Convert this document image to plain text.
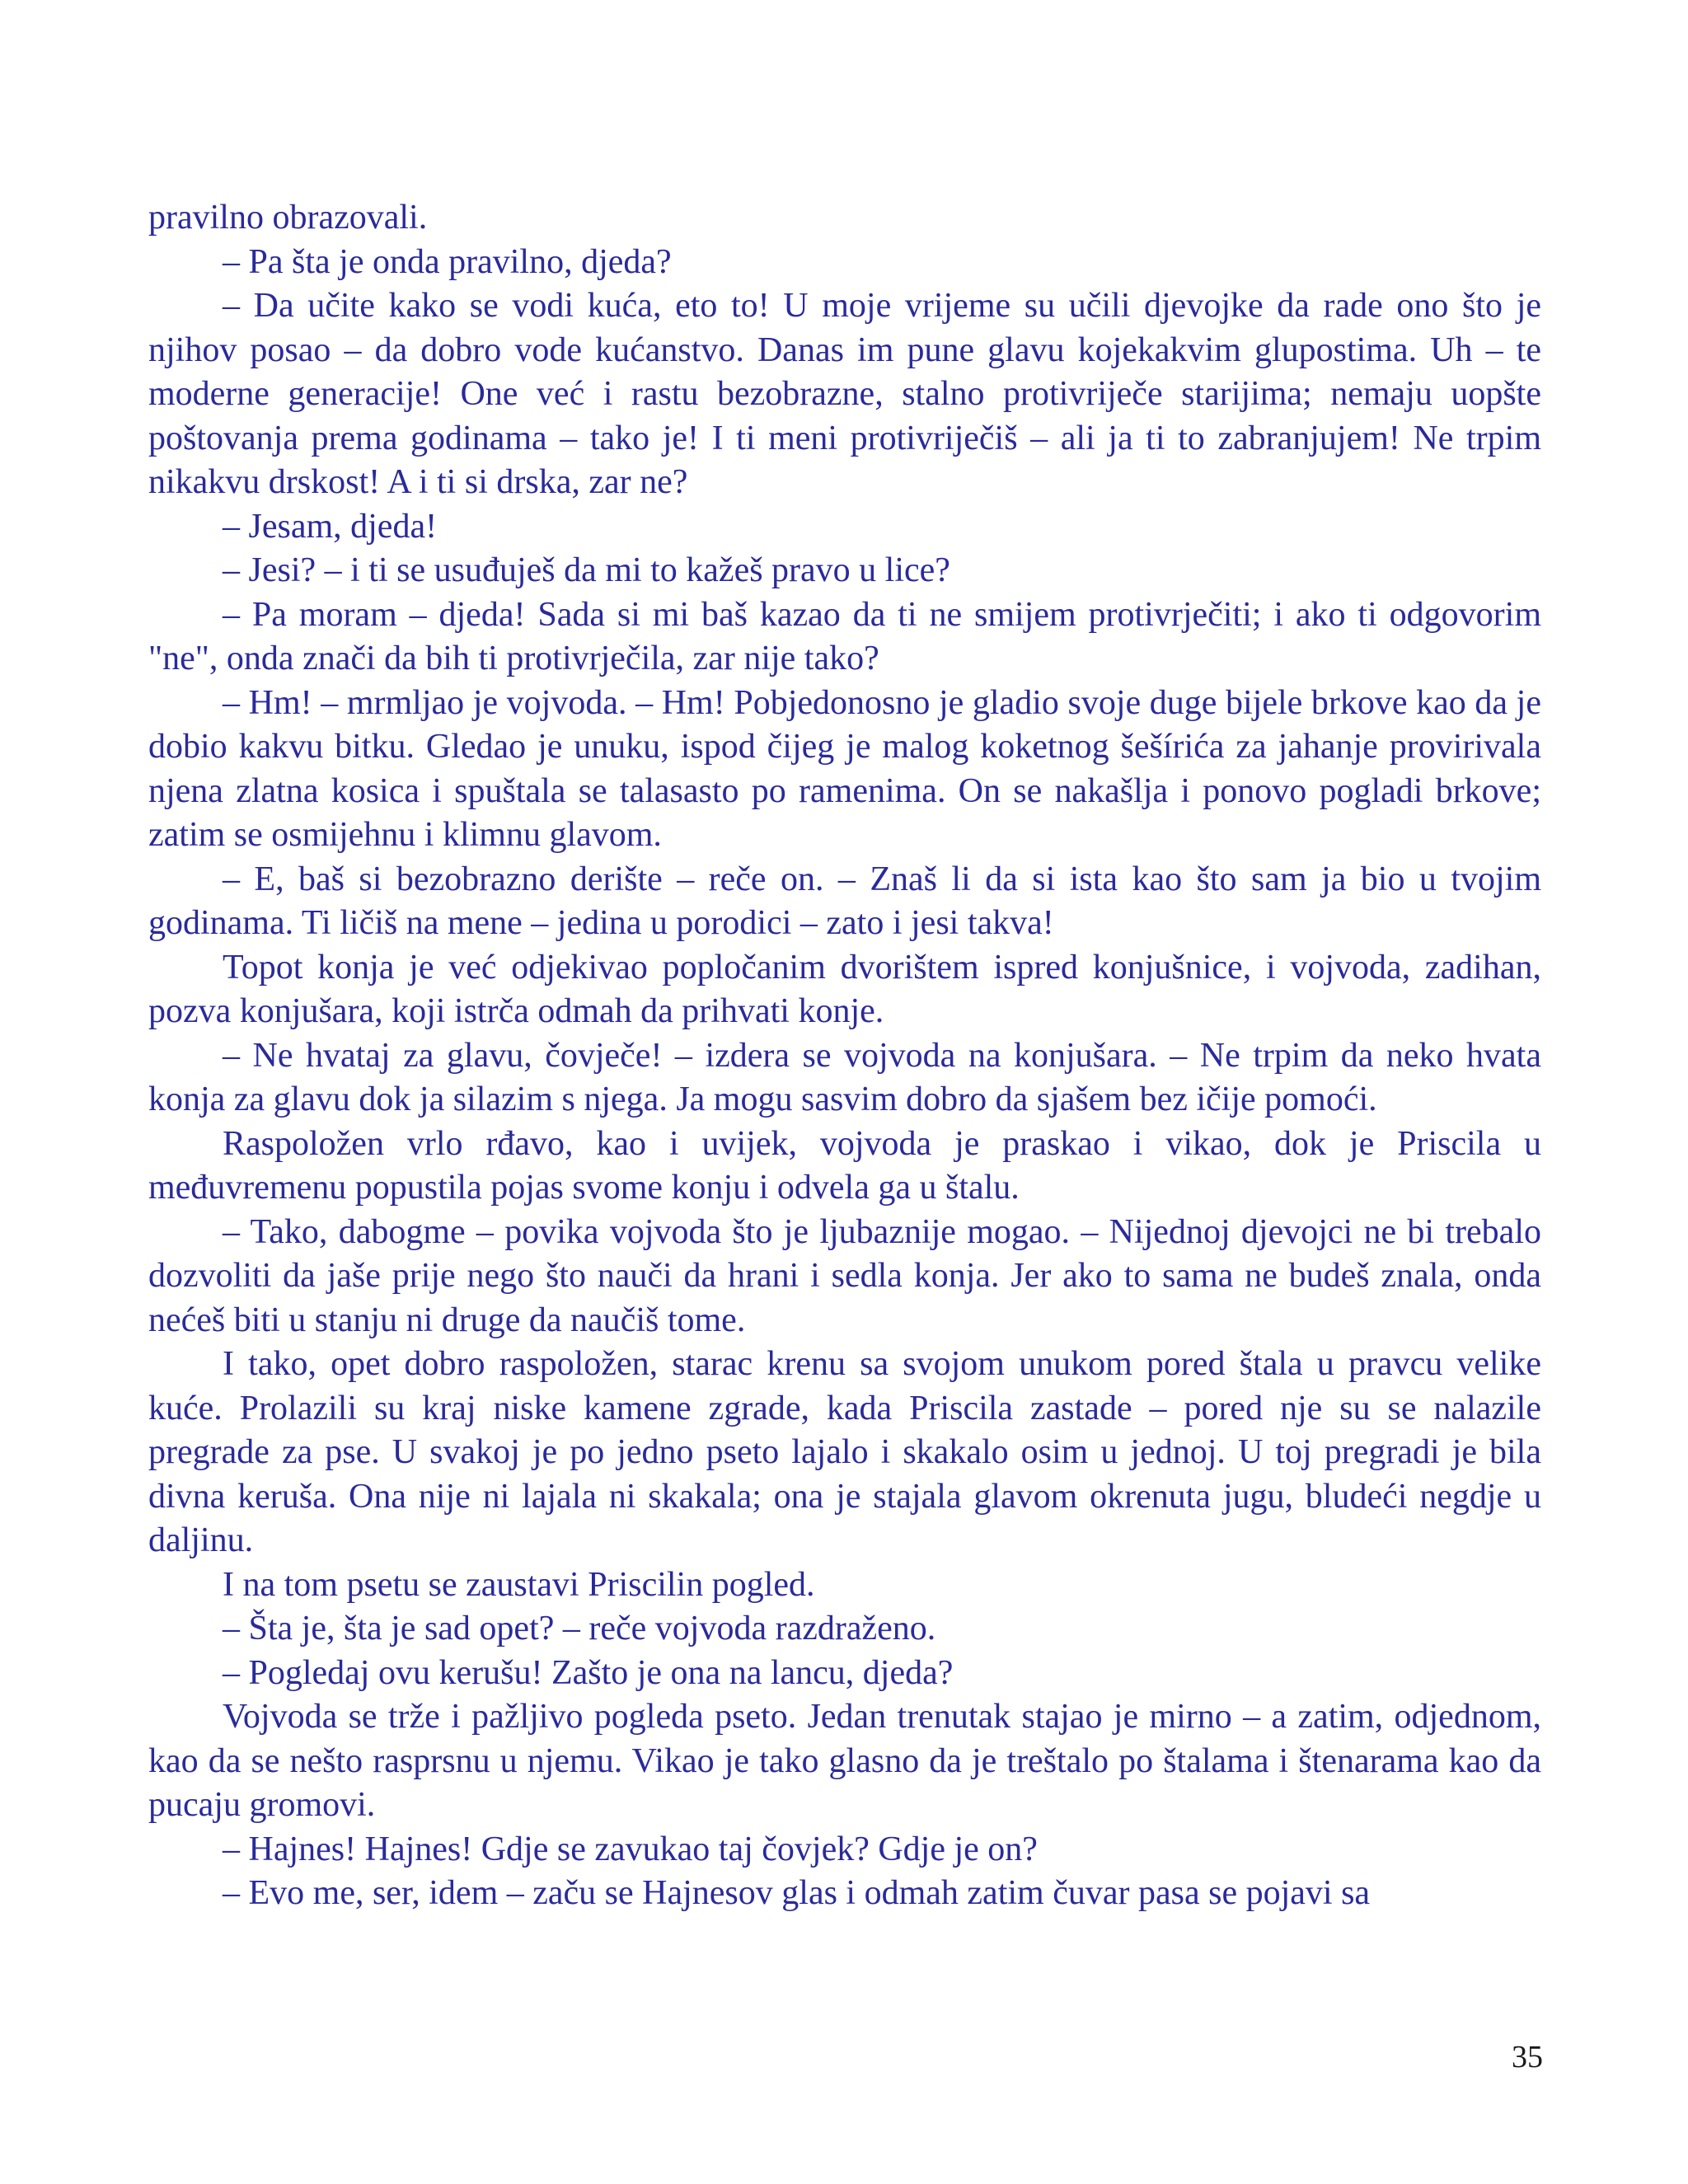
pravilno obrazovali.

– Pa šta je onda pravilno, djeda?

– Da učite kako se vodi kuća, eto to! U moje vrijeme su učili djevojke da rade ono što je njihov posao – da dobro vode kućanstvo. Danas im pune glavu kojekakvim glupostima. Uh – te moderne generacije! One već i rastu bezobrazne, stalno protivriječe starijima; nemaju uopšte poštovanja prema godinama – tako je! I ti meni protivriječiš – ali ja ti to zabranjujem! Ne trpim nikakvu drskost! A i ti si drska, zar ne?

– Jesam, djeda!

– Jesi? – i ti se usuđuješ da mi to kažeš pravo u lice?

– Pa moram – djeda! Sada si mi baš kazao da ti ne smijem protivrječiti; i ako ti odgovorim "ne", onda znači da bih ti protivrječila, zar nije tako?

– Hm! – mrmljao je vojvoda. – Hm! Pobjedonosno je gladio svoje duge bijele brkove kao da je dobio kakvu bitku. Gledao je unuku, ispod čijeg je malog koketnog šešírića za jahanje provirivala njena zlatna kosica i spuštala se talasasto po ramenima. On se nakašlja i ponovo pogladi brkove; zatim se osmijehnu i klimnu glavom.

– E, baš si bezobrazno derište – reče on. – Znaš li da si ista kao što sam ja bio u tvojim godinama. Ti ličiš na mene – jedina u porodici – zato i jesi takva!

Topot konja je već odjekivao popločanim dvorištem ispred konjušnice, i vojvoda, zadihan, pozva konjušara, koji istrča odmah da prihvati konje.

– Ne hvataj za glavu, čovječe! – izdera se vojvoda na konjušara. – Ne trpim da neko hvata konja za glavu dok ja silazim s njega. Ja mogu sasvim dobro da sjašem bez ičije pomoći.

Raspoložen vrlo rđavo, kao i uvijek, vojvoda je praskao i vikao, dok je Priscila u međuvremenu popustila pojas svome konju i odvela ga u štalu.

– Tako, dabogme – povika vojvoda što je ljubaznije mogao. – Nijednoj djevojci ne bi trebalo dozvoliti da jaše prije nego što nauči da hrani i sedla konja. Jer ako to sama ne budeš znala, onda nećeš biti u stanju ni druge da naučiš tome.

I tako, opet dobro raspoložen, starac krenu sa svojom unukom pored štala u pravcu velike kuće. Prolazili su kraj niske kamene zgrade, kada Priscila zastade – pored nje su se nalazile pregrade za pse. U svakoj je po jedno pseto lajalo i skakalo osim u jednoj. U toj pregradi je bila divna keruša. Ona nije ni lajala ni skakala; ona je stajala glavom okrenuta jugu, bludeći negdje u daljinu.

I na tom psetu se zaustavi Priscilin pogled.

– Šta je, šta je sad opet? – reče vojvoda razdraženo.

– Pogledaj ovu kerušu! Zašto je ona na lancu, djeda?

Vojvoda se trže i pažljivo pogleda pseto. Jedan trenutak stajao je mirno – a zatim, odjednom, kao da se nešto rasprsnu u njemu. Vikao je tako glasno da je treštalo po štalama i štenarama kao da pucaju gromovi.

– Hajnes! Hajnes! Gdje se zavukao taj čovjek? Gdje je on?

– Evo me, ser, idem – začu se Hajnesov glas i odmah zatim čuvar pasa se pojavi sa

35
